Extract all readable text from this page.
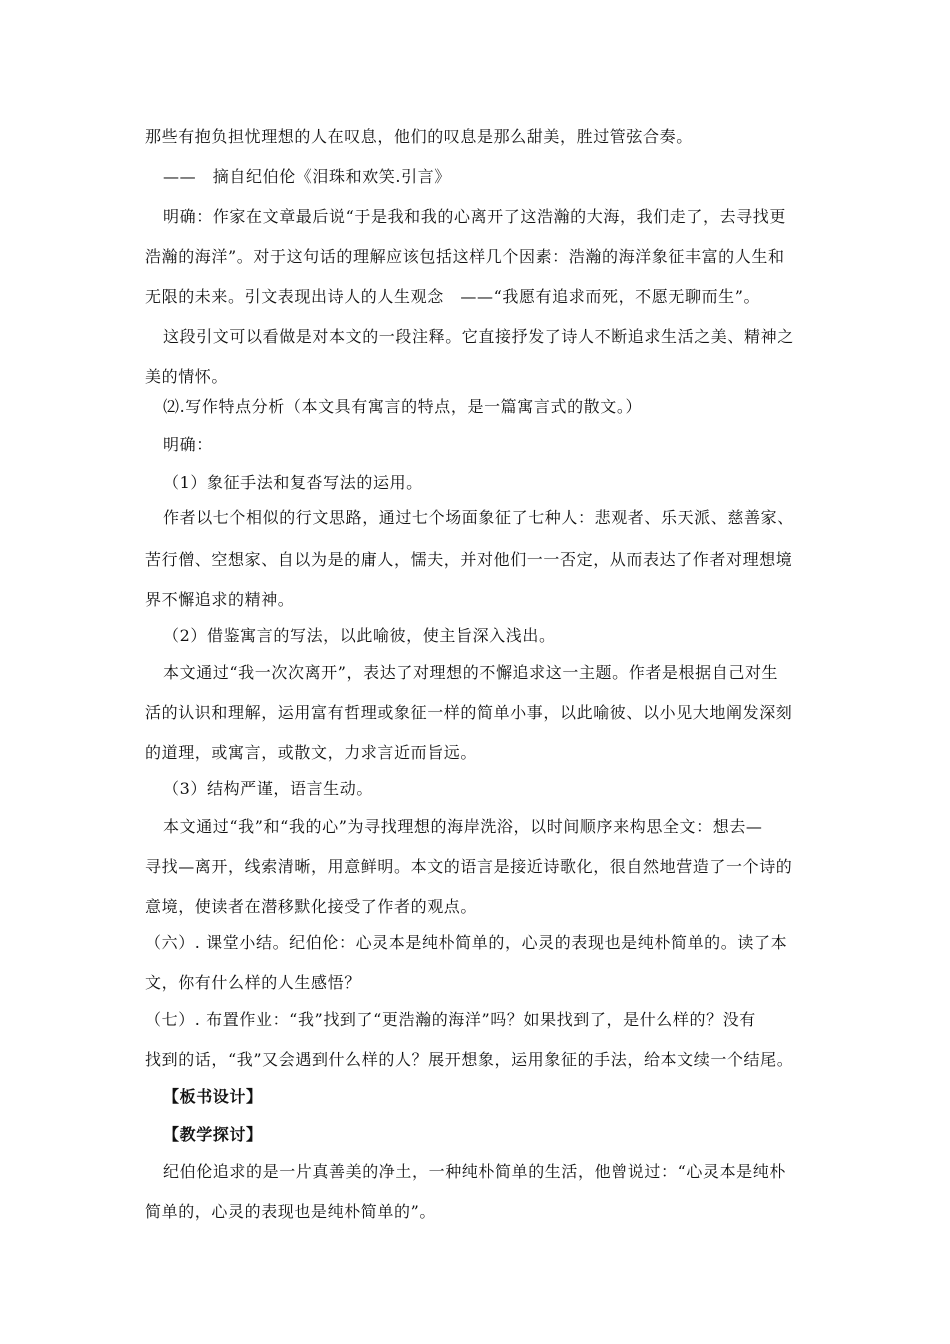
那些有抱负担忧理想的人在叹息，他们的叹息是那么甜美，胜过管弦合奏。
——　摘自纪伯伦《泪珠和欢笑.引言》
明确：作家在文章最后说“于是我和我的心离开了这浩瀚的大海，我们走了，去寻找更
浩瀚的海洋”。对于这句话的理解应该包括这样几个因素：浩瀚的海洋象征丰富的人生和
无限的未来。引文表现出诗人的人生观念　——“我愿有追求而死，不愿无聊而生”。
这段引文可以看做是对本文的一段注释。它直接抒发了诗人不断追求生活之美、精神之
美的情怀。
⑵.写作特点分析（本文具有寓言的特点，是一篇寓言式的散文。）
明确：
（1）象征手法和复沓写法的运用。
作者以七个相似的行文思路，通过七个场面象征了七种人：悲观者、乐天派、慈善家、
苦行僧、空想家、自以为是的庸人，懦夫，并对他们一一否定，从而表达了作者对理想境
界不懈追求的精神。
（2）借鉴寓言的写法，以此喻彼，使主旨深入浅出。
本文通过“我一次次离开”，表达了对理想的不懈追求这一主题。作者是根据自己对生
活的认识和理解，运用富有哲理或象征一样的简单小事，以此喻彼、以小见大地阐发深刻
的道理，或寓言，或散文，力求言近而旨远。
（3）结构严谨，语言生动。
本文通过“我”和“我的心”为寻找理想的海岸洗浴，以时间顺序来构思全文：想去—
寻找—离开，线索清晰，用意鲜明。本文的语言是接近诗歌化，很自然地营造了一个诗的
意境，使读者在潜移默化接受了作者的观点。
（六）. 课堂小结。纪伯伦：心灵本是纯朴简单的，心灵的表现也是纯朴简单的。读了本
文，你有什么样的人生感悟？
（七）. 布置作业：“我”找到了“更浩瀚的海洋”吗？如果找到了，是什么样的？没有
找到的话，“我”又会遇到什么样的人？展开想象，运用象征的手法，给本文续一个结尾。
【板书设计】
【教学探讨】
纪伯伦追求的是一片真善美的净土，一种纯朴简单的生活，他曾说过：“心灵本是纯朴
简单的，心灵的表现也是纯朴简单的”。
